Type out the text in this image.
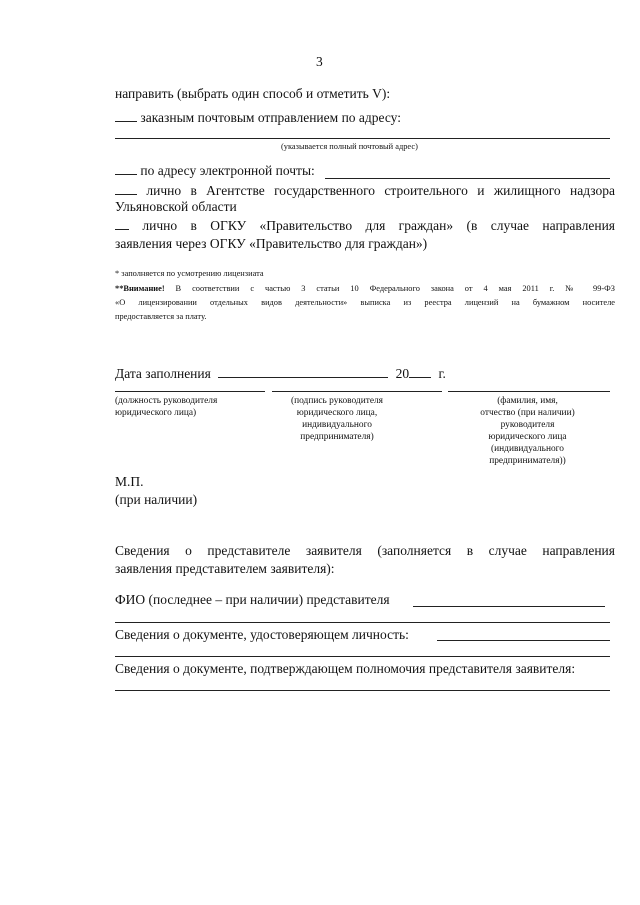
3
направить (выбрать один способ и отметить V):
заказным почтовым отправлением по адресу:
(указывается полный почтовый адрес)
по адресу электронной почты:
лично в Агентстве государственного строительного и жилищного надзора
Ульяновской области
лично в ОГКУ «Правительство для граждан» (в случае направления
заявления через ОГКУ «Правительство для граждан»)
* заполняется по усмотрению лицензиата
**Внимание! В соответствии с частью 3 статьи 10 Федерального закона от 4 мая 2011 г. № 99-ФЗ
«О лицензировании отдельных видов деятельности» выписка из реестра лицензий на бумажном носителе
предоставляется за плату.
Дата заполнения	20 г.
(должность руководителя
юридического лица)
(подпись руководителя
юридического лица,
индивидуального
предпринимателя)
(фамилия, имя,
отчество (при наличии)
руководителя
юридического лица
(индивидуального
предпринимателя))
М.П.
(при наличии)
Сведения о представителе заявителя (заполняется в случае направления
заявления представителем заявителя):
ФИО (последнее – при наличии) представителя
Сведения о документе, удостоверяющем личность:
Сведения о документе, подтверждающем полномочия представителя заявителя:
